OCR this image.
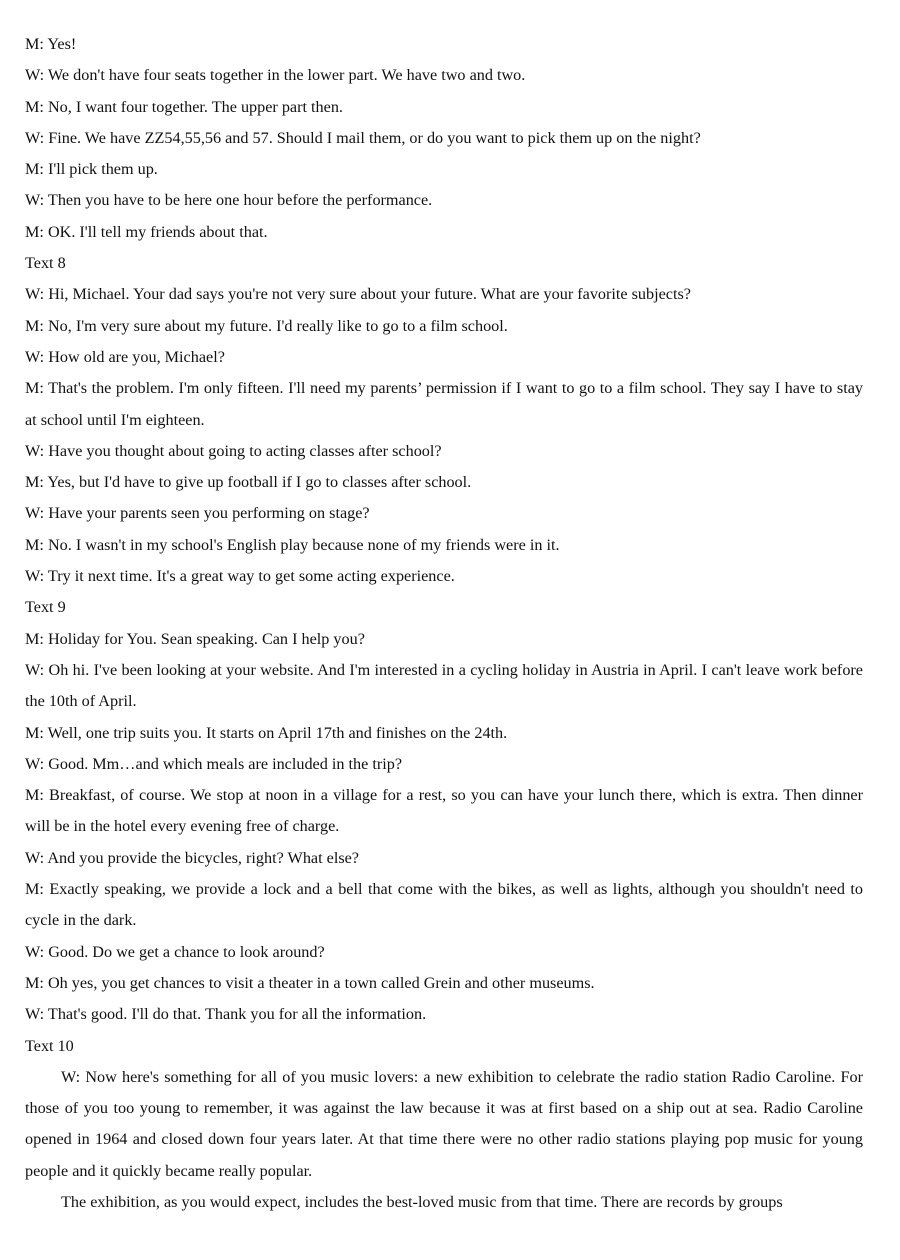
M: Yes!
W: We don't have four seats together in the lower part. We have two and two.
M: No, I want four together. The upper part then.
W: Fine. We have ZZ54,55,56 and 57. Should I mail them, or do you want to pick them up on the night?
M: I'll pick them up.
W: Then you have to be here one hour before the performance.
M: OK. I'll tell my friends about that.
Text 8
W: Hi, Michael. Your dad says you're not very sure about your future. What are your favorite subjects?
M: No, I'm very sure about my future. I'd really like to go to a film school.
W: How old are you, Michael?

M: That's the problem. I'm only fifteen. I'll need my parents’ permission if I want to go to a film school. They say I have to stay at school until I'm eighteen.

W: Have you thought about going to acting classes after school?
M: Yes, but I'd have to give up football if I go to classes after school.
W: Have your parents seen you performing on stage?
M: No. I wasn't in my school's English play because none of my friends were in it.
W: Try it next time. It's a great way to get some acting experience.
Text 9
M: Holiday for You. Sean speaking. Can I help you?

W: Oh hi. I've been looking at your website. And I'm interested in a cycling holiday in Austria in April. I can't leave work before the 10th of April.

M: Well, one trip suits you. It starts on April 17th and finishes on the 24th.
W: Good. Mm…and which meals are included in the trip?

M: Breakfast, of course. We stop at noon in a village for a rest, so you can have your lunch there, which is extra. Then dinner will be in the hotel every evening free of charge.

W: And you provide the bicycles, right? What else?

M: Exactly speaking, we provide a lock and a bell that come with the bikes, as well as lights, although you shouldn't need to cycle in the dark.

W: Good. Do we get a chance to look around?
M: Oh yes, you get chances to visit a theater in a town called Grein and other museums.
W: That's good. I'll do that. Thank you for all the information.
Text 10

W: Now here's something for all of you music lovers: a new exhibition to celebrate the radio station Radio Caroline. For those of you too young to remember, it was against the law because it was at first based on a ship out at sea. Radio Caroline opened in 1964 and closed down four years later. At that time there were no other radio stations playing pop music for young people and it quickly became really popular.

The exhibition, as you would expect, includes the best-loved music from that time. There are records by groups
